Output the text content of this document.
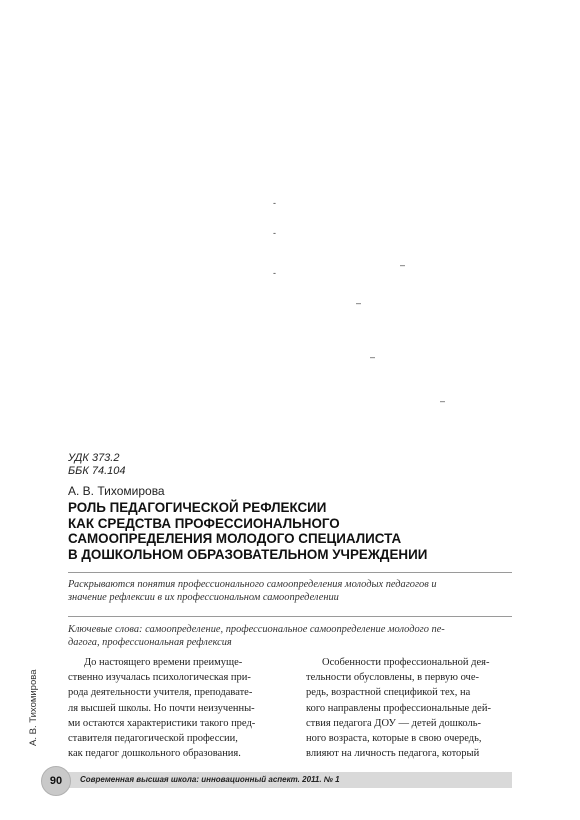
-
-
-
–
–
–
–
УДК 373.2
ББК 74.104
А. В. Тихомирова
РОЛЬ ПЕДАГОГИЧЕСКОЙ РЕФЛЕКСИИ
КАК СРЕДСТВА ПРОФЕССИОНАЛЬНОГО
САМООПРЕДЕЛЕНИЯ МОЛОДОГО СПЕЦИАЛИСТА
В ДОШКОЛЬНОМ ОБРАЗОВАТЕЛЬНОМ УЧРЕЖДЕНИИ
Раскрываются понятия профессионального самоопределения молодых педагогов и
значение рефлексии в их профессиональном самоопределении
Ключевые слова: самоопределение, профессиональное самоопределение молодого пе-
дагога, профессиональная рефлексия
До настоящего времени преимуще-
ственно изучалась психологическая при-
рода деятельности учителя, преподавате-
ля высшей школы. Но почти неизученны-
ми остаются характеристики такого пред-
ставителя педагогической профессии,
как педагог дошкольного образования.
Особенности профессиональной дея-
тельности обусловлены, в первую оче-
редь, возрастной спецификой тех, на
кого направлены профессиональные дей-
ствия педагога ДОУ — детей дошколь-
ного возраста, которые в свою очередь,
влияют на личность педагога, который
А. В. Тихомирова
90 Современная высшая школа: инновационный аспект. 2011. № 1
